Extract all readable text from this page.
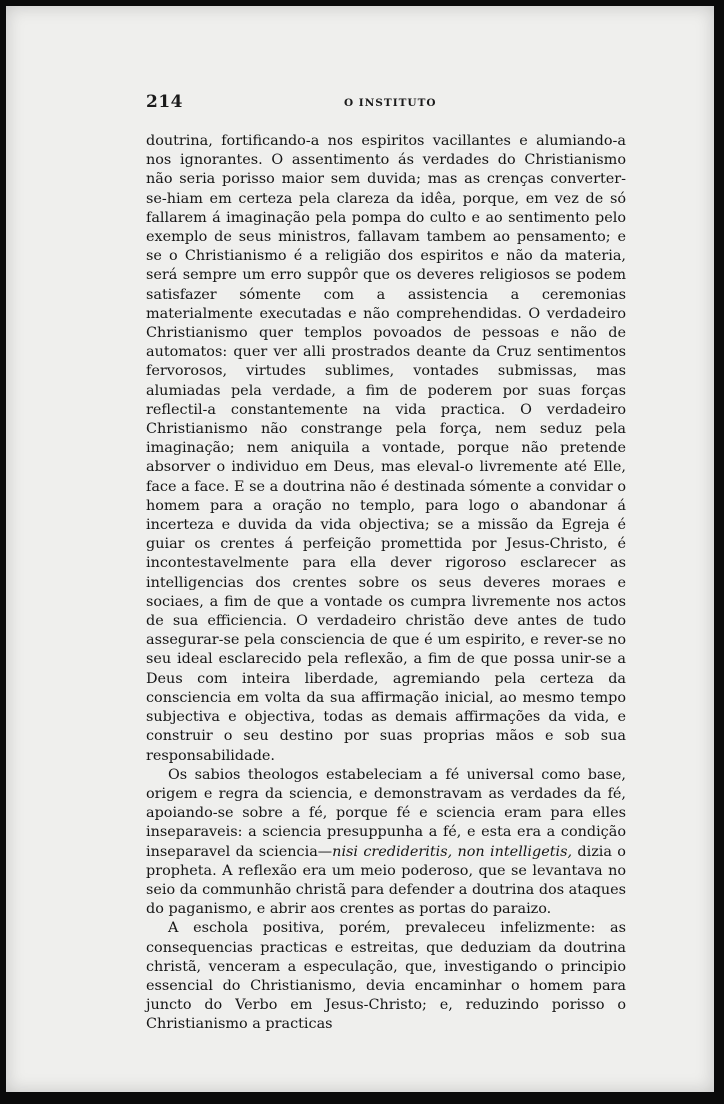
214	O INSTITUTO

doutrina, fortificando-a nos espiritos vacillantes e alumiando-a nos ignorantes. O assentimento ás verdades do Christianismo não seria porisso maior sem duvida; mas as crenças converter-se-hiam em certeza pela clareza da idêa, porque, em vez de só fallarem á imaginação pela pompa do culto e ao sentimento pelo exemplo de seus ministros, fallavam tambem ao pensamento; e se o Christianismo é a religião dos espiritos e não da materia, será sempre um erro suppôr que os deveres religiosos se podem satisfazer sómente com a assistencia a ceremonias materialmente executadas e não comprehendidas. O verdadeiro Christianismo quer templos povoados de pessoas e não de automatos: quer ver alli prostrados deante da Cruz sentimentos fervorosos, virtudes sublimes, vontades submissas, mas alumiadas pela verdade, a fim de poderem por suas forças reflectil-a constantemente na vida practica. O verdadeiro Christianismo não constrange pela força, nem seduz pela imaginação; nem aniquila a vontade, porque não pretende absorver o individuo em Deus, mas eleval-o livremente até Elle, face a face. E se a doutrina não é destinada sómente a convidar o homem para a oração no templo, para logo o abandonar á incerteza e duvida da vida objectiva; se a missão da Egreja é guiar os crentes á perfeição promettida por Jesus-Christo, é incontestavelmente para ella dever rigoroso esclarecer as intelligencias dos crentes sobre os seus deveres moraes e sociaes, a fim de que a vontade os cumpra livremente nos actos de sua efficiencia. O verdadeiro christão deve antes de tudo assegurar-se pela consciencia de que é um espirito, e rever-se no seu ideal esclarecido pela reflexão, a fim de que possa unir-se a Deus com inteira liberdade, agremiando pela certeza da consciencia em volta da sua affirmação inicial, ao mesmo tempo subjectiva e objectiva, todas as demais affirmações da vida, e construir o seu destino por suas proprias mãos e sob sua responsabilidade.

Os sabios theologos estabeleciam a fé universal como base, origem e regra da sciencia, e demonstravam as verdades da fé, apoiando-se sobre a fé, porque fé e sciencia eram para elles inseparaveis: a sciencia presuppunha a fé, e esta era a condição inseparavel da sciencia—nisi credideritis, non intelligetis, dizia o propheta. A reflexão era um meio poderoso, que se levantava no seio da communhão christã para defender a doutrina dos ataques do paganismo, e abrir aos crentes as portas do paraizo.

A eschola positiva, porém, prevaleceu infelizmente: as consequencias practicas e estreitas, que deduziam da doutrina christã, venceram a especulação, que, investigando o principio essencial do Christianismo, devia encaminhar o homem para juncto do Verbo em Jesus-Christo; e, reduzindo porisso o Christianismo a practicas
